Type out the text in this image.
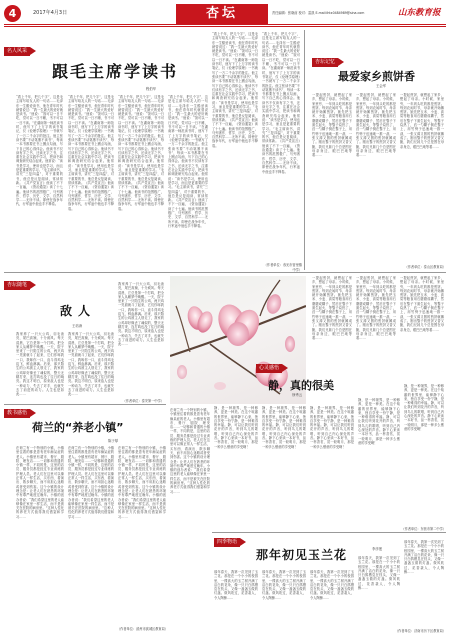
4	2017年4月3日	杏坛	责任编辑：张晓前 校对：雷凯 E-mail:lhtx0484989@sina.com	山东教育报
名人风采
跟毛主席学读书
程伯华
“看上千年，把几个字”，这是毛主席写给友人的一句话……毛泽东一生酷爱读书，他在青年时代就曾说过：“我一生最大的爱好就是读书。”他说：“饭可以一日不吃，觉可以一日不睡，书不可以一日不读。”在湖南第一师范读书时，他写下了上万字的读书笔记，仅《伦理学原理》一书就写了一万二千余字的批注。他主张读书要“不动笔墨不读书”，每读一本书都要在书上圈点勾画，写下自己的心得体会。他读书不仅读有字之书，还读无字之书，注重在社会实践中学习，把读书和调查研究结合起来。他常说：“读书是学习，使用也是学习，而且是更重要的学习。”毛主席读书，讲究“三复四温”，对于重要的书，他总是反复阅读，常读常新。《共产党宣言》他读了不下一百遍，《资治通鉴》读了十七遍。他读书的范围极广，马列著作、哲学、历史、文学、自然科学……无所不读。即使在战争年代，行军途中他也手不释卷。
“看上千年，把几个字”，这是毛主席写给友人的一句话……毛泽东一生酷爱读书，他在青年时代就曾说过：“我一生最大的爱好就是读书。”他说：“饭可以一日不吃，觉可以一日不睡，书不可以一日不读。”在湖南第一师范读书时，他写下了上万字的读书笔记，仅《伦理学原理》一书就写了一万二千余字的批注。他主张读书要“不动笔墨不读书”，每读一本书都要在书上圈点勾画，写下自己的心得体会。他读书不仅读有字之书，还读无字之书，注重在社会实践中学习，把读书和调查研究结合起来。他常说：“读书是学习，使用也是学习，而且是更重要的学习。”毛主席读书，讲究“三复四温”，对于重要的书，他总是反复阅读，常读常新。《共产党宣言》他读了不下一百遍，《资治通鉴》读了十七遍。他读书的范围极广，马列著作、哲学、历史、文学、自然科学……无所不读。即使在战争年代，行军途中他也手不释卷。
“看上千年，把几个字”，这是毛主席写给友人的一句话……毛泽东一生酷爱读书，他在青年时代就曾说过：“我一生最大的爱好就是读书。”他说：“饭可以一日不吃，觉可以一日不睡，书不可以一日不读。”在湖南第一师范读书时，他写下了上万字的读书笔记，仅《伦理学原理》一书就写了一万二千余字的批注。他主张读书要“不动笔墨不读书”，每读一本书都要在书上圈点勾画，写下自己的心得体会。他读书不仅读有字之书，还读无字之书，注重在社会实践中学习，把读书和调查研究结合起来。他常说：“读书是学习，使用也是学习，而且是更重要的学习。”毛主席读书，讲究“三复四温”，对于重要的书，他总是反复阅读，常读常新。《共产党宣言》他读了不下一百遍，《资治通鉴》读了十七遍。他读书的范围极广，马列著作、哲学、历史、文学、自然科学……无所不读。即使在战争年代，行军途中他也手不释卷。
“看上千年，把几个字”，这是毛主席写给友人的一句话……毛泽东一生酷爱读书，他在青年时代就曾说过：“我一生最大的爱好就是读书。”他说：“饭可以一日不吃，觉可以一日不睡，书不可以一日不读。”在湖南第一师范读书时，他写下了上万字的读书笔记，仅《伦理学原理》一书就写了一万二千余字的批注。他主张读书要“不动笔墨不读书”，每读一本书都要在书上圈点勾画，写下自己的心得体会。他读书不仅读有字之书，还读无字之书，注重在社会实践中学习，把读书和调查研究结合起来。他常说：“读书是学习，使用也是学习，而且是更重要的学习。”毛主席读书，讲究“三复四温”，对于重要的书，他总是反复阅读，常读常新。《共产党宣言》他读了不下一百遍，《资治通鉴》读了十七遍。他读书的范围极广，马列著作、哲学、历史、文学、自然科学……无所不读。即使在战争年代，行军途中他也手不释卷。
“看上千年，把几个字”，这是毛主席写给友人的一句话……毛泽东一生酷爱读书，他在青年时代就曾说过：“我一生最大的爱好就是读书。”他说：“饭可以一日不吃，觉可以一日不睡，书不可以一日不读。”在湖南第一师范读书时，他写下了上万字的读书笔记，仅《伦理学原理》一书就写了一万二千余字的批注。他主张读书要“不动笔墨不读书”，每读一本书都要在书上圈点勾画，写下自己的心得体会。他读书不仅读有字之书，还读无字之书，注重在社会实践中学习，把读书和调查研究结合起来。他常说：“读书是学习，使用也是学习，而且是更重要的学习。”毛主席读书，讲究“三复四温”，对于重要的书，他总是反复阅读，常读常新。《共产党宣言》他读了不下一百遍，《资治通鉴》读了十七遍。他读书的范围极广，马列著作、哲学、历史、文学、自然科学……无所不读。即使在战争年代，行军途中他也手不释卷。
“看上千年，把几个字”，这是毛主席写给友人的一句话……毛泽东一生酷爱读书，他在青年时代就曾说过：“我一生最大的爱好就是读书。”他说：“饭可以一日不吃，觉可以一日不睡，书不可以一日不读。”在湖南第一师范读书时，他写下了上万字的读书笔记，仅《伦理学原理》一书就写了一万二千余字的批注。他主张读书要“不动笔墨不读书”，每读一本书都要在书上圈点勾画，写下自己的心得体会。他读书不仅读有字之书，还读无字之书，注重在社会实践中学习，把读书和调查研究结合起来。他常说：“读书是学习，使用也是学习，而且是更重要的学习。”毛主席读书，讲究“三复四温”，对于重要的书，他总是反复阅读，常读常新。《共产党宣言》他读了不下一百遍，《资治通鉴》读了十七遍。他读书的范围极广，马列著作、哲学、历史、文学、自然科学……无所不读。即使在战争年代，行军途中他也手不释卷。
（作者单位：寿光市营里镇中学）
杏坛记忆
最爱家乡煎饼香
王会军
一提起煎饼，就想起了家乡，想起了母亲。小时候，家里穷，一年到头吃的都是煎饼。每到农闲时节，母亲就开始摊煎饼。她先把玉米、小麦、高粱等粮食用石磨磨成糊子，然后在鏊子下面生起火，等鏊子烧热了，舀一勺糊子倒在鏊子上，用竹劈子迅速地一推一刮，一张又薄又圆的煎饼就摊成了。刚出鏊子的煎饼又香又脆，我们兄妹几个总是围在母亲身边，眼巴巴地等着……
一提起煎饼，就想起了家乡，想起了母亲。小时候，家里穷，一年到头吃的都是煎饼。每到农闲时节，母亲就开始摊煎饼。她先把玉米、小麦、高粱等粮食用石磨磨成糊子，然后在鏊子下面生起火，等鏊子烧热了，舀一勺糊子倒在鏊子上，用竹劈子迅速地一推一刮，一张又薄又圆的煎饼就摊成了。刚出鏊子的煎饼又香又脆，我们兄妹几个总是围在母亲身边，眼巴巴地等着……
一提起煎饼，就想起了家乡，想起了母亲。小时候，家里穷，一年到头吃的都是煎饼。每到农闲时节，母亲就开始摊煎饼。她先把玉米、小麦、高粱等粮食用石磨磨成糊子，然后在鏊子下面生起火，等鏊子烧热了，舀一勺糊子倒在鏊子上，用竹劈子迅速地一推一刮，一张又薄又圆的煎饼就摊成了。刚出鏊子的煎饼又香又脆，我们兄妹几个总是围在母亲身边，眼巴巴地等着……
（作者单位：泰山区教育局）
杏坛随笔
敌人
王培涛
我家养了一只大公鸡，羽毛油亮，尾巴高翘，十分威风。每天清晨，它总是第一个打鸣，把全家人从睡梦中唤醒。一天，院子里来了一只陌生的公鸡，两只鸡一见面就斗了起来，它们你啄我一口，我啄你一口，直斗得鸡毛乱飞，鲜血淋漓。后来，那只陌生的公鸡被主人领走了，我家的公鸡却好像丢了魂似的，整天无精打采，连打鸣也没了往日的响亮。我这才明白，原来敌人也是一种动力，失去了对手，也就失去了前进的动力。人生也是如此……
我家养了一只大公鸡，羽毛油亮，尾巴高翘，十分威风。每天清晨，它总是第一个打鸣，把全家人从睡梦中唤醒。一天，院子里来了一只陌生的公鸡，两只鸡一见面就斗了起来，它们你啄我一口，我啄你一口，直斗得鸡毛乱飞，鲜血淋漓。后来，那只陌生的公鸡被主人领走了，我家的公鸡却好像丢了魂似的，整天无精打采，连打鸣也没了往日的响亮。我这才明白，原来敌人也是一种动力，失去了对手，也就失去了前进的动力。人生也是如此……
我家养了一只大公鸡，羽毛油亮，尾巴高翘，十分威风。每天清晨，它总是第一个打鸣，把全家人从睡梦中唤醒。一天，院子里来了一只陌生的公鸡，两只鸡一见面就斗了起来，它们你啄我一口，我啄你一口，直斗得鸡毛乱飞，鲜血淋漓。后来，那只陌生的公鸡被主人领走了，我家的公鸡却好像丢了魂似的，整天无精打采，连打鸣也没了往日的响亮。我这才明白，原来敌人也是一种动力，失去了对手，也就失去了前进的动力。人生也是如此……
（作者单位：泰安第一中学）
一提起煎饼，就想起了家乡，想起了母亲。小时候，家里穷，一年到头吃的都是煎饼。每到农闲时节，母亲就开始摊煎饼。她先把玉米、小麦、高粱等粮食用石磨磨成糊子，然后在鏊子下面生起火，等鏊子烧热了，舀一勺糊子倒在鏊子上，用竹劈子迅速地一推一刮，一张又薄又圆的煎饼就摊成了。刚出鏊子的煎饼又香又脆，我们兄妹几个总是围在母亲身边，眼巴巴地等着……
一提起煎饼，就想起了家乡，想起了母亲。小时候，家里穷，一年到头吃的都是煎饼。每到农闲时节，母亲就开始摊煎饼。她先把玉米、小麦、高粱等粮食用石磨磨成糊子，然后在鏊子下面生起火，等鏊子烧热了，舀一勺糊子倒在鏊子上，用竹劈子迅速地一推一刮，一张又薄又圆的煎饼就摊成了。刚出鏊子的煎饼又香又脆，我们兄妹几个总是围在母亲身边，眼巴巴地等着……
一提起煎饼，就想起了家乡，想起了母亲。小时候，家里穷，一年到头吃的都是煎饼。每到农闲时节，母亲就开始摊煎饼。她先把玉米、小麦、高粱等粮食用石磨磨成糊子，然后在鏊子下面生起火，等鏊子烧热了，舀一勺糊子倒在鏊子上，用竹劈子迅速地一推一刮，一张又薄又圆的煎饼就摊成了。刚出鏊子的煎饼又香又脆，我们兄妹几个总是围在母亲身边，眼巴巴地等着……
心灵感悟
静，真的很美
徐秀云
静，是一种境界，是一种修养，更是一种美。在这个喧嚣的世界里，能够静下心来，独自享受一份宁静，是一种难得的幸福。静，可以让我们听到花开的声音，听到鸟儿的歌唱，听到自己内心深处的声音。静下心来读一本好书，品一杯香茗，赏一轮明月，那是一种多么惬意的享受啊！
静，是一种境界，是一种修养，更是一种美。在这个喧嚣的世界里，能够静下心来，独自享受一份宁静，是一种难得的幸福。静，可以让我们听到花开的声音，听到鸟儿的歌唱，听到自己内心深处的声音。静下心来读一本好书，品一杯香茗，赏一轮明月，那是一种多么惬意的享受啊！
静，是一种境界，是一种修养，更是一种美。在这个喧嚣的世界里，能够静下心来，独自享受一份宁静，是一种难得的幸福。静，可以让我们听到花开的声音，听到鸟儿的歌唱，听到自己内心深处的声音。静下心来读一本好书，品一杯香茗，赏一轮明月，那是一种多么惬意的享受啊！
静，是一种境界，是一种修养，更是一种美。在这个喧嚣的世界里，能够静下心来，独自享受一份宁静，是一种难得的幸福。静，可以让我们听到花开的声音，听到鸟儿的歌唱，听到自己内心深处的声音。静下心来读一本好书，品一杯香茗，赏一轮明月，那是一种多么惬意的享受啊！
静，是一种境界，是一种修养，更是一种美。在这个喧嚣的世界里，能够静下心来，独自享受一份宁静，是一种难得的幸福。静，可以让我们听到花开的声音，听到鸟儿的歌唱，听到自己内心深处的声音。静下心来读一本好书，品一杯香茗，赏一轮明月，那是一种多么惬意的享受啊！
（作者单位：东营市第二中学）
在荷兰有一个特别的小镇，小镇里住着的都是患有老年痴呆症的老人。小镇里有超市、餐厅、剧院、理发店……一切都和普通的小镇一样，不同的是，这里的店员、服务员都是经过专业训练的护理人员。老人们在这里可以像正常人一样生活，买东西、看演出、散步聊天，而不用担心迷路或者受到伤害。这个小镇的设计理念是：让老人们在熟悉的环境中有尊严地度过晚年。小镇的创办者说：“我们希望这里的老人能够像在家里一样生活，而不是被关在医院的病房里。”这种人性化的养老方式值得我们借鉴和学习……
教书感悟
荷兰的“养老小镇”
陈子厚
在荷兰有一个特别的小镇，小镇里住着的都是患有老年痴呆症的老人。小镇里有超市、餐厅、剧院、理发店……一切都和普通的小镇一样，不同的是，这里的店员、服务员都是经过专业训练的护理人员。老人们在这里可以像正常人一样生活，买东西、看演出、散步聊天，而不用担心迷路或者受到伤害。这个小镇的设计理念是：让老人们在熟悉的环境中有尊严地度过晚年。小镇的创办者说：“我们希望这里的老人能够像在家里一样生活，而不是被关在医院的病房里。”这种人性化的养老方式值得我们借鉴和学习……
在荷兰有一个特别的小镇，小镇里住着的都是患有老年痴呆症的老人。小镇里有超市、餐厅、剧院、理发店……一切都和普通的小镇一样，不同的是，这里的店员、服务员都是经过专业训练的护理人员。老人们在这里可以像正常人一样生活，买东西、看演出、散步聊天，而不用担心迷路或者受到伤害。这个小镇的设计理念是：让老人们在熟悉的环境中有尊严地度过晚年。小镇的创办者说：“我们希望这里的老人能够像在家里一样生活，而不是被关在医院的病房里。”这种人性化的养老方式值得我们借鉴和学习……
在荷兰有一个特别的小镇，小镇里住着的都是患有老年痴呆症的老人。小镇里有超市、餐厅、剧院、理发店……一切都和普通的小镇一样，不同的是，这里的店员、服务员都是经过专业训练的护理人员。老人们在这里可以像正常人一样生活，买东西、看演出、散步聊天，而不用担心迷路或者受到伤害。这个小镇的设计理念是：让老人们在熟悉的环境中有尊严地度过晚年。小镇的创办者说：“我们希望这里的老人能够像在家里一样生活，而不是被关在医院的病房里。”这种人性化的养老方式值得我们借鉴和学习……
（作者单位：滨州市滨城区教育局）
四季物语
那年初见玉兰花	李彦莲
那年春天，我第一次见到了玉兰花。那是在一个小小的校园里，一棵高大的玉兰树开满了洁白的花朵，像一只只白鸽栖息在枝头，又像一盏盏玉做的灯盏。微风吹过，花香袭人，令人陶醉……
那年春天，我第一次见到了玉兰花。那是在一个小小的校园里，一棵高大的玉兰树开满了洁白的花朵，像一只只白鸽栖息在枝头，又像一盏盏玉做的灯盏。微风吹过，花香袭人，令人陶醉……
那年春天，我第一次见到了玉兰花。那是在一个小小的校园里，一棵高大的玉兰树开满了洁白的花朵，像一只只白鸽栖息在枝头，又像一盏盏玉做的灯盏。微风吹过，花香袭人，令人陶醉……
那年春天，我第一次见到了玉兰花。那是在一个小小的校园里，一棵高大的玉兰树开满了洁白的花朵，像一只只白鸽栖息在枝头，又像一盏盏玉做的灯盏。微风吹过，花香袭人，令人陶醉……
那年春天，我第一次见到了玉兰花。那是在一个小小的校园里，一棵高大的玉兰树开满了洁白的花朵，像一只只白鸽栖息在枝头，又像一盏盏玉做的灯盏。微风吹过，花香袭人，令人陶醉……
（作者单位：济南市历下区教育局）
